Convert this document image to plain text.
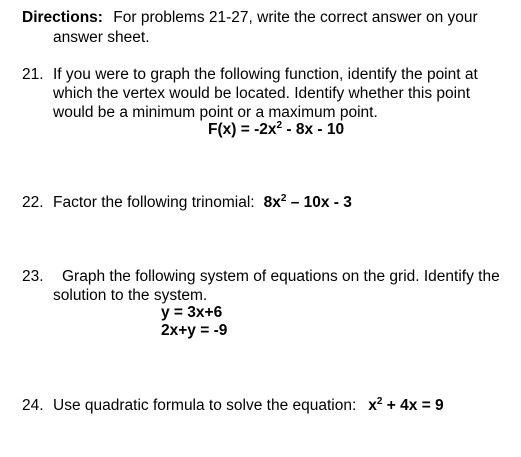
Directions: For problems 21-27, write the correct answer on your
answer sheet.
21. If you were to graph the following function, identify the point at
which the vertex would be located. Identify whether this point
would be a minimum point or a maximum point.
$F(x) = -2x^2 - 8x - 10$
22. Factor the following trinomial: $8x^2 - 10x - 3$
23. Graph the following system of equations on the grid. Identify the
solution to the system.
y = 3x+6
2x+y = -9
24. Use quadratic formula to solve the equation: $x^2 + 4x = 9$
